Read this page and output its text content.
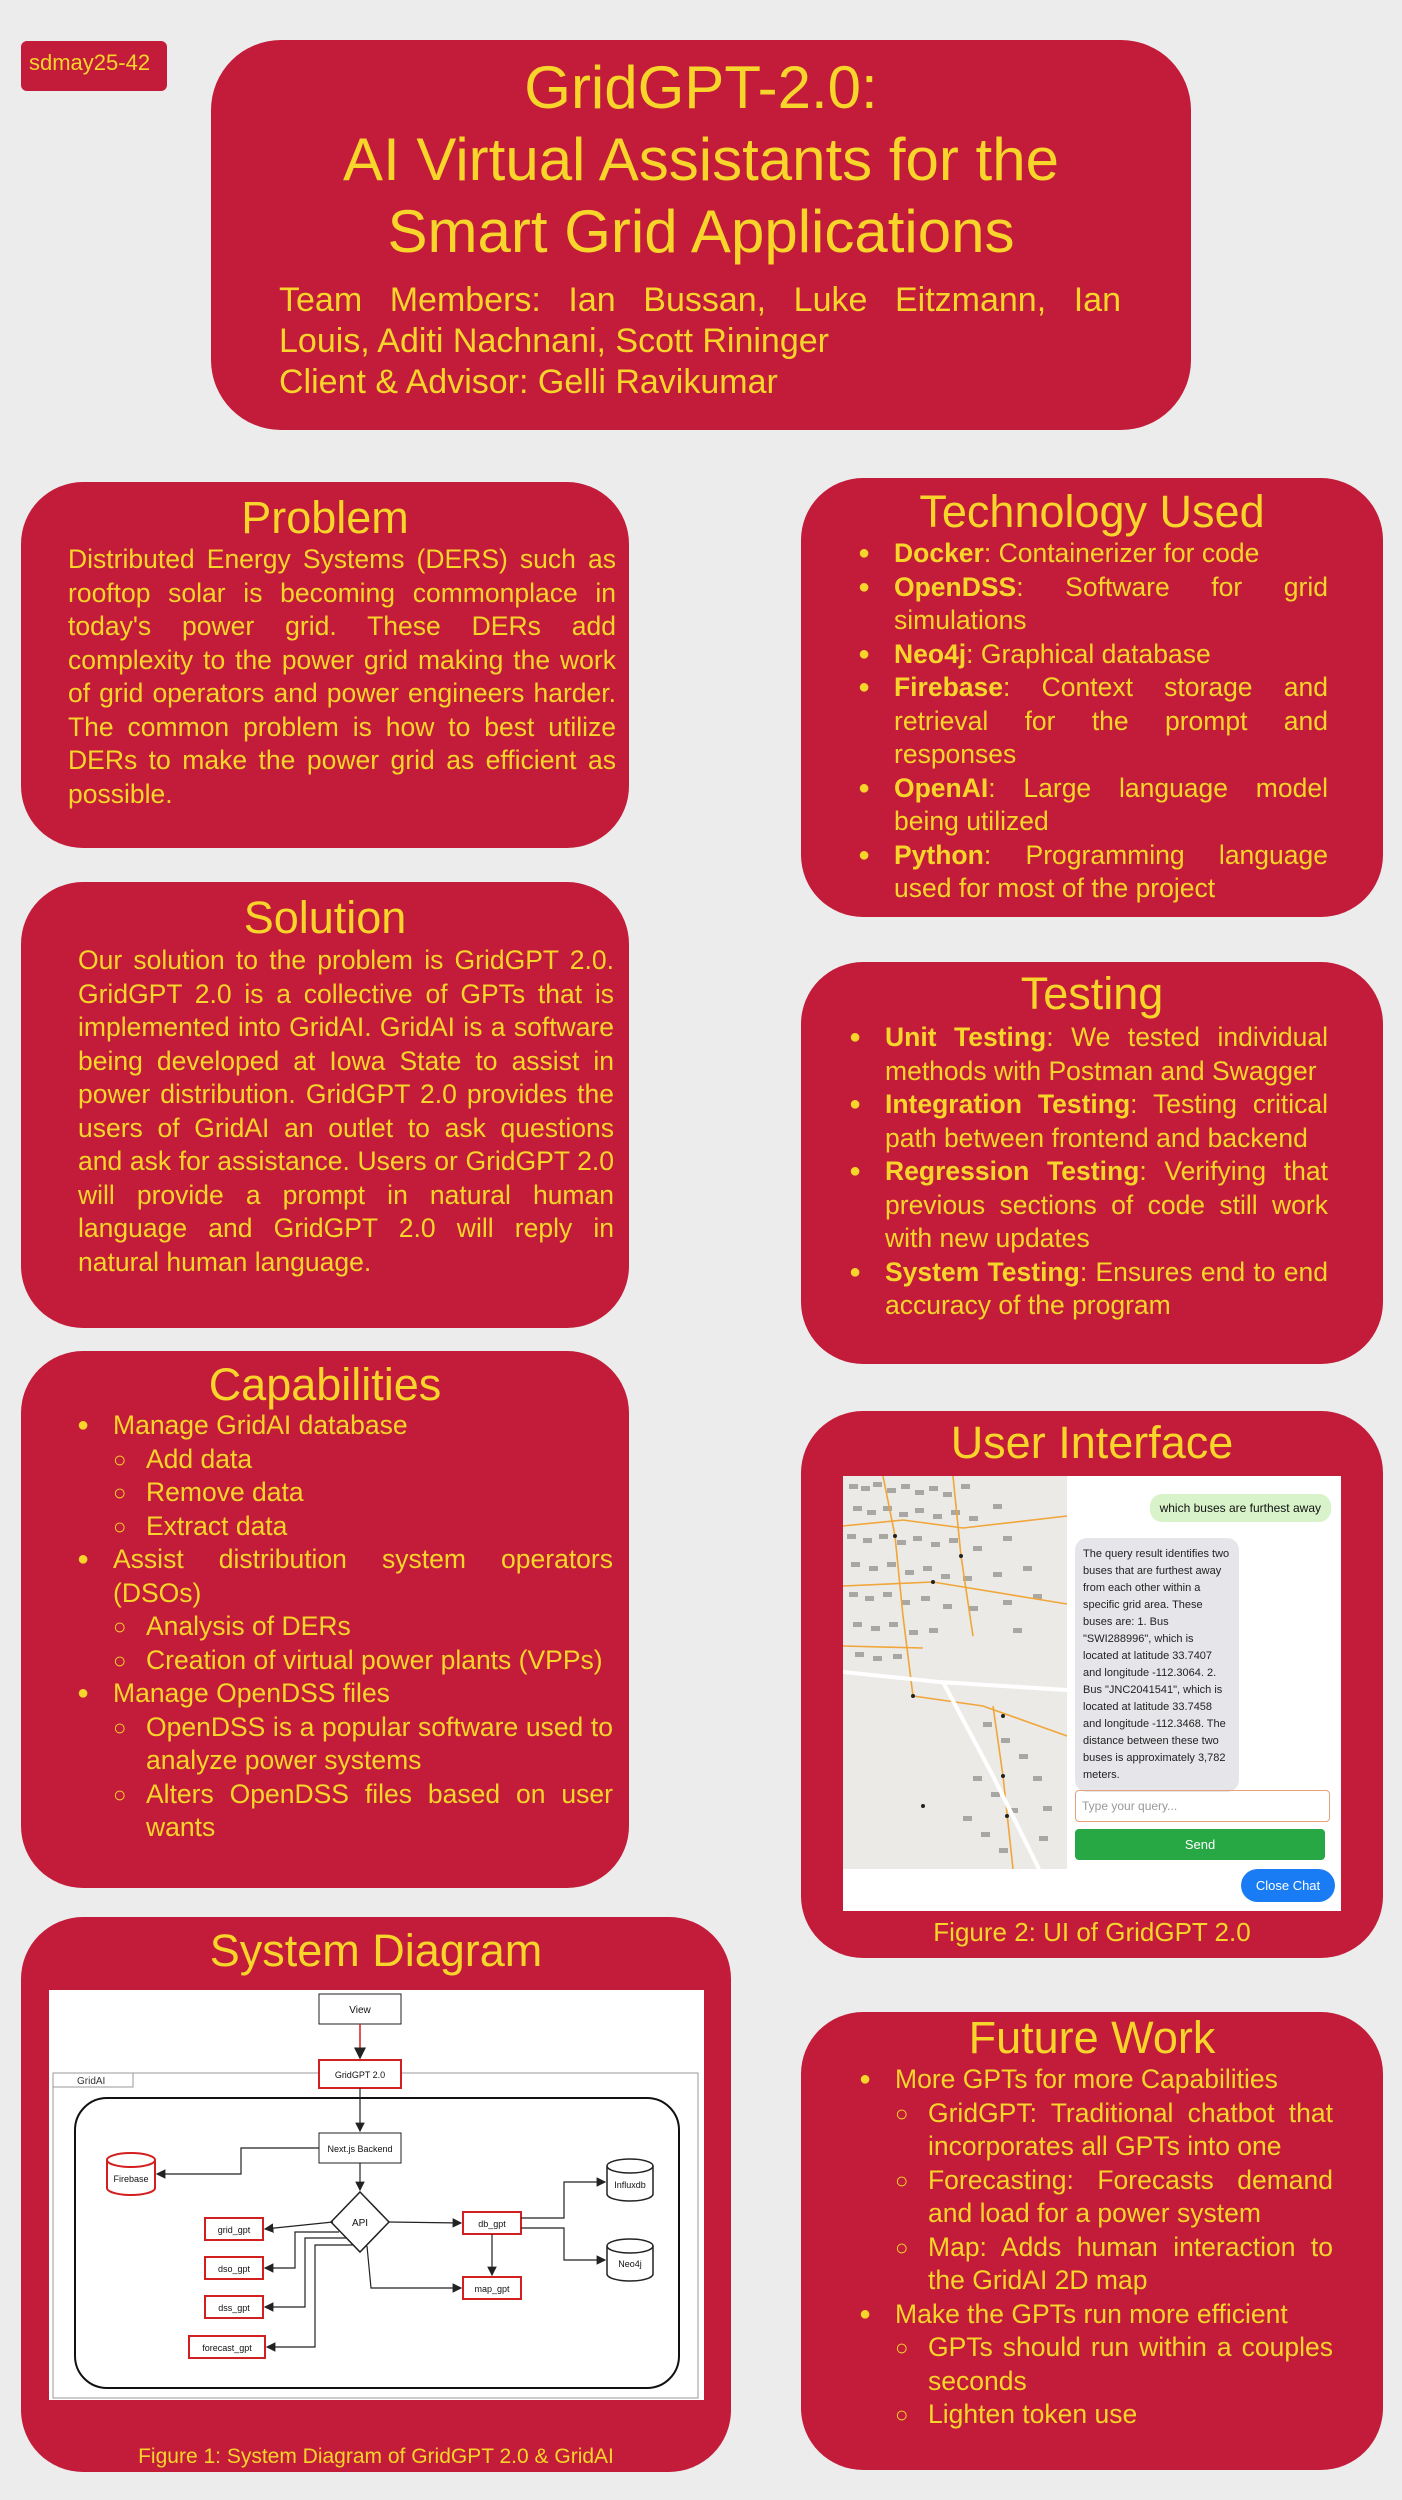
sdmay25-42	GridGPT-2.0:
AI Virtual Assistants for the
Smart Grid Applications
Team Members: Ian Bussan, Luke Eitzmann, Ian
Louis, Aditi Nachnani, Scott Rininger
Client & Advisor: Gelli Ravikumar
Problem
Distributed Energy Systems (DERS) such as rooftop solar is becoming commonplace in today's power grid. These DERs add complexity to the power grid making the work of grid operators and power engineers harder. The common problem is how to best utilize DERs to make the power grid as efficient as possible.
Solution
Our solution to the problem is GridGPT 2.0. GridGPT 2.0 is a collective of GPTs that is implemented into GridAI. GridAI is a software being developed at Iowa State to assist in power distribution. GridGPT 2.0 provides the users of GridAI an outlet to ask questions and ask for assistance. Users or GridGPT 2.0 will provide a prompt in natural human language and GridGPT 2.0 will reply in natural human language.
Capabilities
● Manage GridAI database
○ Add data
○ Remove data
○ Extract data
● Assist distribution system operators (DSOs)
○ Analysis of DERs
○ Creation of virtual power plants (VPPs)
● Manage OpenDSS files
○ OpenDSS is a popular software used to analyze power systems
○ Alters OpenDSS files based on user wants
System Diagram
GridAI
View
GridGPT 2.0
Next.js Backend
API
Firebase
grid_gpt
dso_gpt
dss_gpt
forecast_gpt
db_gpt
map_gpt
Influxdb
Neo4j
Figure 1: System Diagram of GridGPT 2.0 & GridAI
Technology Used
● Docker: Containerizer for code
● OpenDSS: Software for grid simulations
● Neo4j: Graphical database
● Firebase: Context storage and retrieval for the prompt and responses
● OpenAI: Large language model being utilized
● Python: Programming language used for most of the project
Testing
● Unit Testing: We tested individual methods with Postman and Swagger
● Integration Testing: Testing critical path between frontend and backend
● Regression Testing: Verifying that previous sections of code still work with new updates
● System Testing: Ensures end to end accuracy of the program
User Interface
which buses are furthest away
The query result identifies two buses that are furthest away from each other within a specific grid area. These buses are: 1. Bus "SWI288996", which is located at latitude 33.7407 and longitude -112.3064. 2. Bus "JNC2041541", which is located at latitude 33.7458 and longitude -112.3468. The distance between these two buses is approximately 3,782 meters.
Type your query...
Send
Close Chat
Figure 2: UI of GridGPT 2.0
Future Work
● More GPTs for more Capabilities
○ GridGPT: Traditional chatbot that incorporates all GPTs into one
○ Forecasting: Forecasts demand and load for a power system
○ Map: Adds human interaction to the GridAI 2D map
● Make the GPTs run more efficient
○ GPTs should run within a couples seconds
○ Lighten token use
